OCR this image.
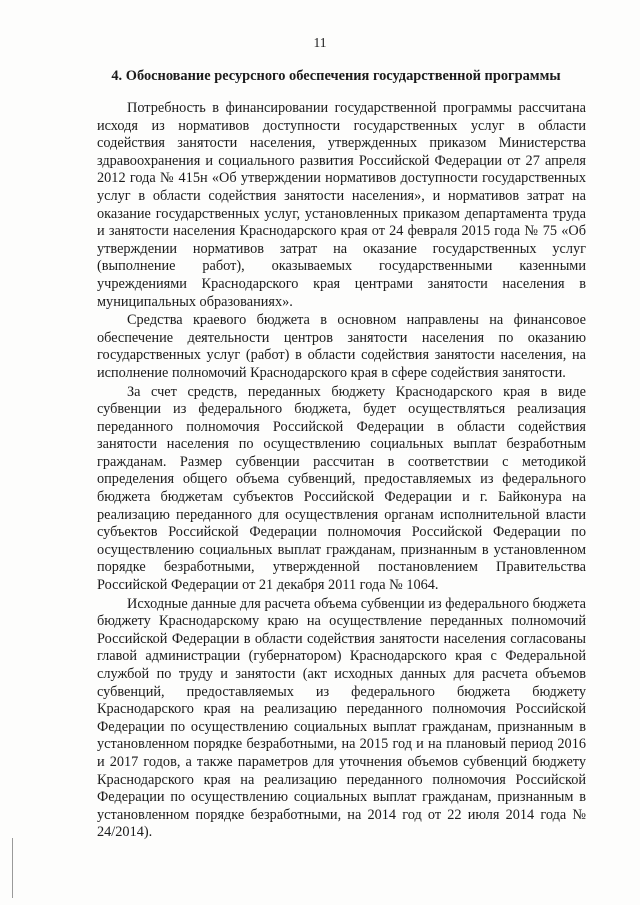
11
4. Обоснование ресурсного обеспечения государственной программы

Потребность в финансировании государственной программы рассчитана исходя из нормативов доступности государственных услуг в области содействия занятости населения, утвержденных приказом Министерства здравоохранения и социального развития Российской Федерации от 27 апреля 2012 года № 415н «Об утверждении нормативов доступности государственных услуг в области содействия занятости населения», и нормативов затрат на оказание государственных услуг, установленных приказом департамента труда и занятости населения Краснодарского края от 24 февраля 2015 года № 75 «Об утверждении нормативов затрат на оказание государственных услуг (выполнение работ), оказываемых государственными казенными учреждениями Краснодарского края центрами занятости населения в муниципальных образованиях».

Средства краевого бюджета в основном направлены на финансовое обеспечение деятельности центров занятости населения по оказанию государственных услуг (работ) в области содействия занятости населения, на исполнение полномочий Краснодарского края в сфере содействия занятости.

За счет средств, переданных бюджету Краснодарского края в виде субвенции из федерального бюджета, будет осуществляться реализация переданного полномочия Российской Федерации в области содействия занятости населения по осуществлению социальных выплат безработным гражданам. Размер субвенции рассчитан в соответствии с методикой определения общего объема субвенций, предоставляемых из федерального бюджета бюджетам субъектов Российской Федерации и г. Байконура на реализацию переданного для осуществления органам исполнительной власти субъектов Российской Федерации полномочия Российской Федерации по осуществлению социальных выплат гражданам, признанным в установленном порядке безработными, утвержденной постановлением Правительства Российской Федерации от 21 декабря 2011 года № 1064.

Исходные данные для расчета объема субвенции из федерального бюджета бюджету Краснодарскому краю на осуществление переданных полномочий Российской Федерации в области содействия занятости населения согласованы главой администрации (губернатором) Краснодарского края с Федеральной службой по труду и занятости (акт исходных данных для расчета объемов субвенций, предоставляемых из федерального бюджета бюджету Краснодарского края на реализацию переданного полномочия Российской Федерации по осуществлению социальных выплат гражданам, признанным в установленном порядке безработными, на 2015 год и на плановый период 2016 и 2017 годов, а также параметров для уточнения объемов субвенций бюджету Краснодарского края на реализацию переданного полномочия Российской Федерации по осуществлению социальных выплат гражданам, признанным в установленном порядке безработными, на 2014 год от 22 июля 2014 года № 24/2014).
